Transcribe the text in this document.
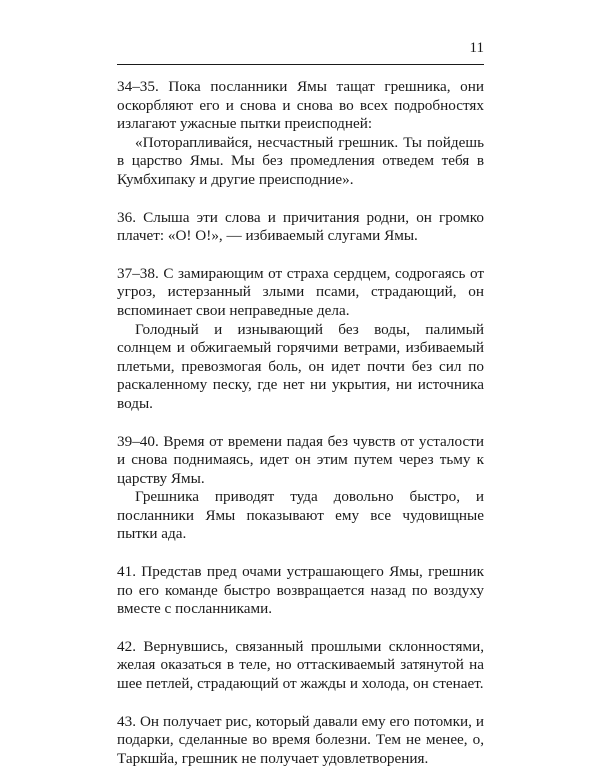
11

34–35. Пока посланники Ямы тащат грешника, они оскорбляют его и снова и снова во всех подробностях излагают ужасные пытки преисподней:

«Поторапливайся, несчастный грешник. Ты пойдешь в царство Ямы. Мы без промедления отведем тебя в Кумбхипаку и другие преисподние».

36. Слыша эти слова и причитания родни, он громко плачет: «О! О!», — избиваемый слугами Ямы.

37–38. С замирающим от страха сердцем, содрогаясь от угроз, истерзанный злыми псами, страдающий, он вспоминает свои неправедные дела.

Голодный и изнывающий без воды, палимый солнцем и обжигаемый горячими ветрами, избиваемый плетьми, превозмогая боль, он идет почти без сил по раскаленному песку, где нет ни укрытия, ни источника воды.

39–40. Время от времени падая без чувств от усталости и снова поднимаясь, идет он этим путем через тьму к царству Ямы.

Грешника приводят туда довольно быстро, и посланники Ямы показывают ему все чудовищные пытки ада.

41. Представ пред очами устрашающего Ямы, грешник по его команде быстро возвращается назад по воздуху вместе с посланниками.

42. Вернувшись, связанный прошлыми склонностями, желая оказаться в теле, но оттаскиваемый затянутой на шее петлей, страдающий от жажды и холода, он стенает.

43. Он получает рис, который давали ему его потомки, и подарки, сделанные во время болезни. Тем не менее, о, Таркшйа, грешник не получает удовлетворения.
